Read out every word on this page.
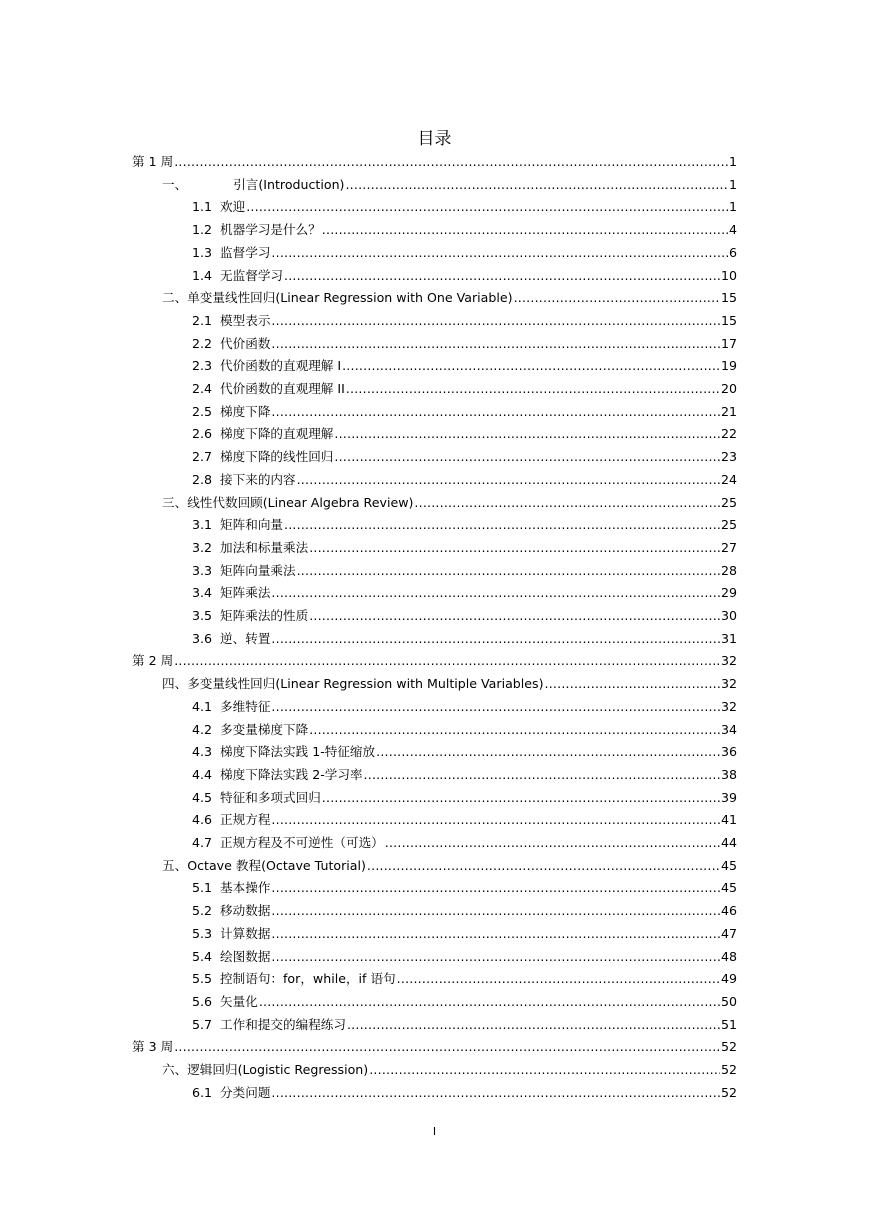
目录
第 1 周 .....	1
一、	引言(Introduction) .....	1
1.1 欢迎 .....	1
1.2 机器学习是什么？ .....	4
1.3 监督学习 .....	6
1.4 无监督学习 .....	10
二、单变量线性回归(Linear Regression with One Variable) .....	15
2.1 模型表示 .....	15
2.2 代价函数 .....	17
2.3 代价函数的直观理解 I .....	19
2.4 代价函数的直观理解 II .....	20
2.5 梯度下降 .....	21
2.6 梯度下降的直观理解 .....	22
2.7 梯度下降的线性回归 .....	23
2.8 接下来的内容 .....	24
三、线性代数回顾(Linear Algebra Review) .....	25
3.1 矩阵和向量 .....	25
3.2 加法和标量乘法 .....	27
3.3 矩阵向量乘法 .....	28
3.4 矩阵乘法 .....	29
3.5 矩阵乘法的性质 .....	30
3.6 逆、转置 .....	31
第 2 周 .....	32
四、多变量线性回归(Linear Regression with Multiple Variables) .....	32
4.1 多维特征 .....	32
4.2 多变量梯度下降 .....	34
4.3 梯度下降法实践 1-特征缩放 .....	36
4.4 梯度下降法实践 2-学习率 .....	38
4.5 特征和多项式回归 .....	39
4.6 正规方程 .....	41
4.7 正规方程及不可逆性（可选） .....	44
五、Octave 教程(Octave Tutorial) .....	45
5.1 基本操作 .....	45
5.2 移动数据 .....	46
5.3 计算数据 .....	47
5.4 绘图数据 .....	48
5.5 控制语句：for，while，if 语句 .....	49
5.6 矢量化 .....	50
5.7 工作和提交的编程练习 .....	51
第 3 周 .....	52
六、逻辑回归(Logistic Regression) .....	52
6.1 分类问题 .....	52
I
